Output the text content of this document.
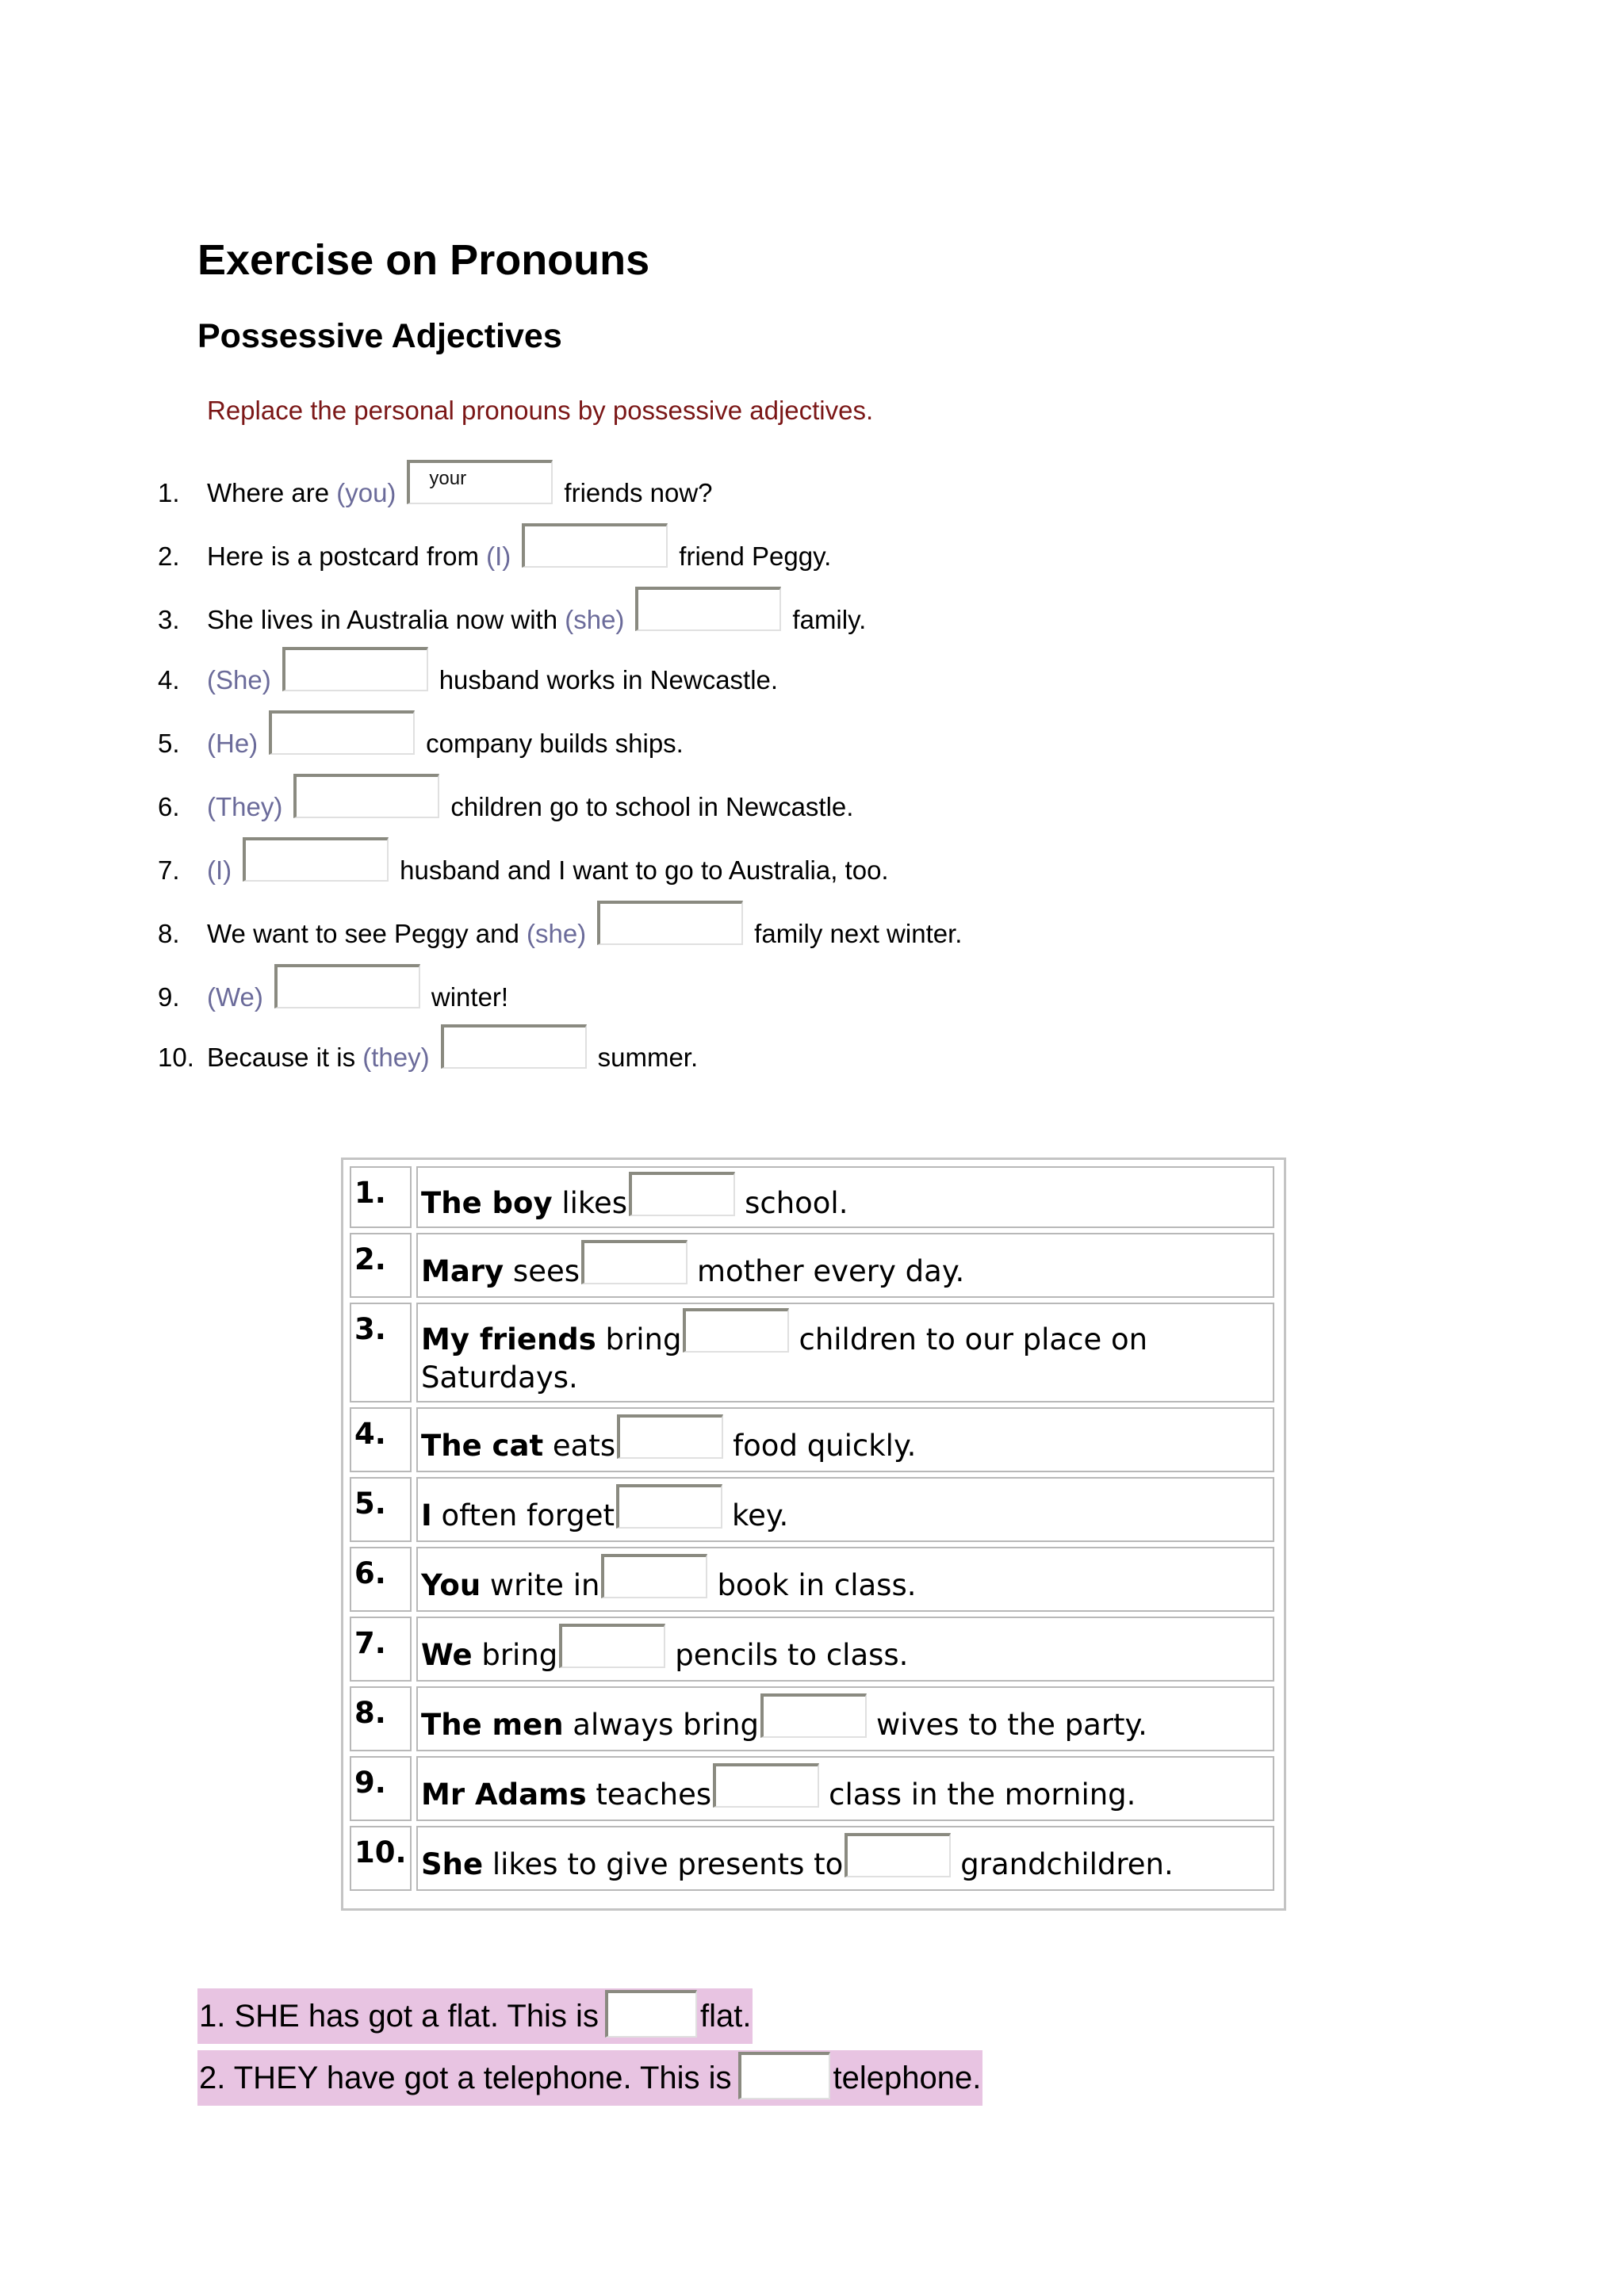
Exercise on Pronouns
Possessive Adjectives
Replace the personal pronouns by possessive adjectives.
1. Where are (you) your	friends now?
2. Here is a postcard from (I)	friend Peggy.
3. She lives in Australia now with (she)	family.
4. (She)	husband works in Newcastle.
5. (He)	company builds ships.
6. (They)	children go to school in Newcastle.
7. (I)	husband and I want to go to Australia, too.
8. We want to see Peggy and (she)	family next winter.
9. (We)	winter!
10. Because it is (they)	summer.
1.	The boy likes school.
2.	Mary sees mother every day.
3.	My friends bring children to our place on
Saturdays.
4.	The cat eats food quickly.
5.	I often forget key.
6.	You write in book in class.
7.	We bring pencils to class.
8.	The men always bring wives to the party.
9.	Mr Adams teaches class in the morning.
10.	She likes to give presents to grandchildren.
1. SHE has got a flat. This is	flat.
2. THEY have got a telephone. This is	telephone.
